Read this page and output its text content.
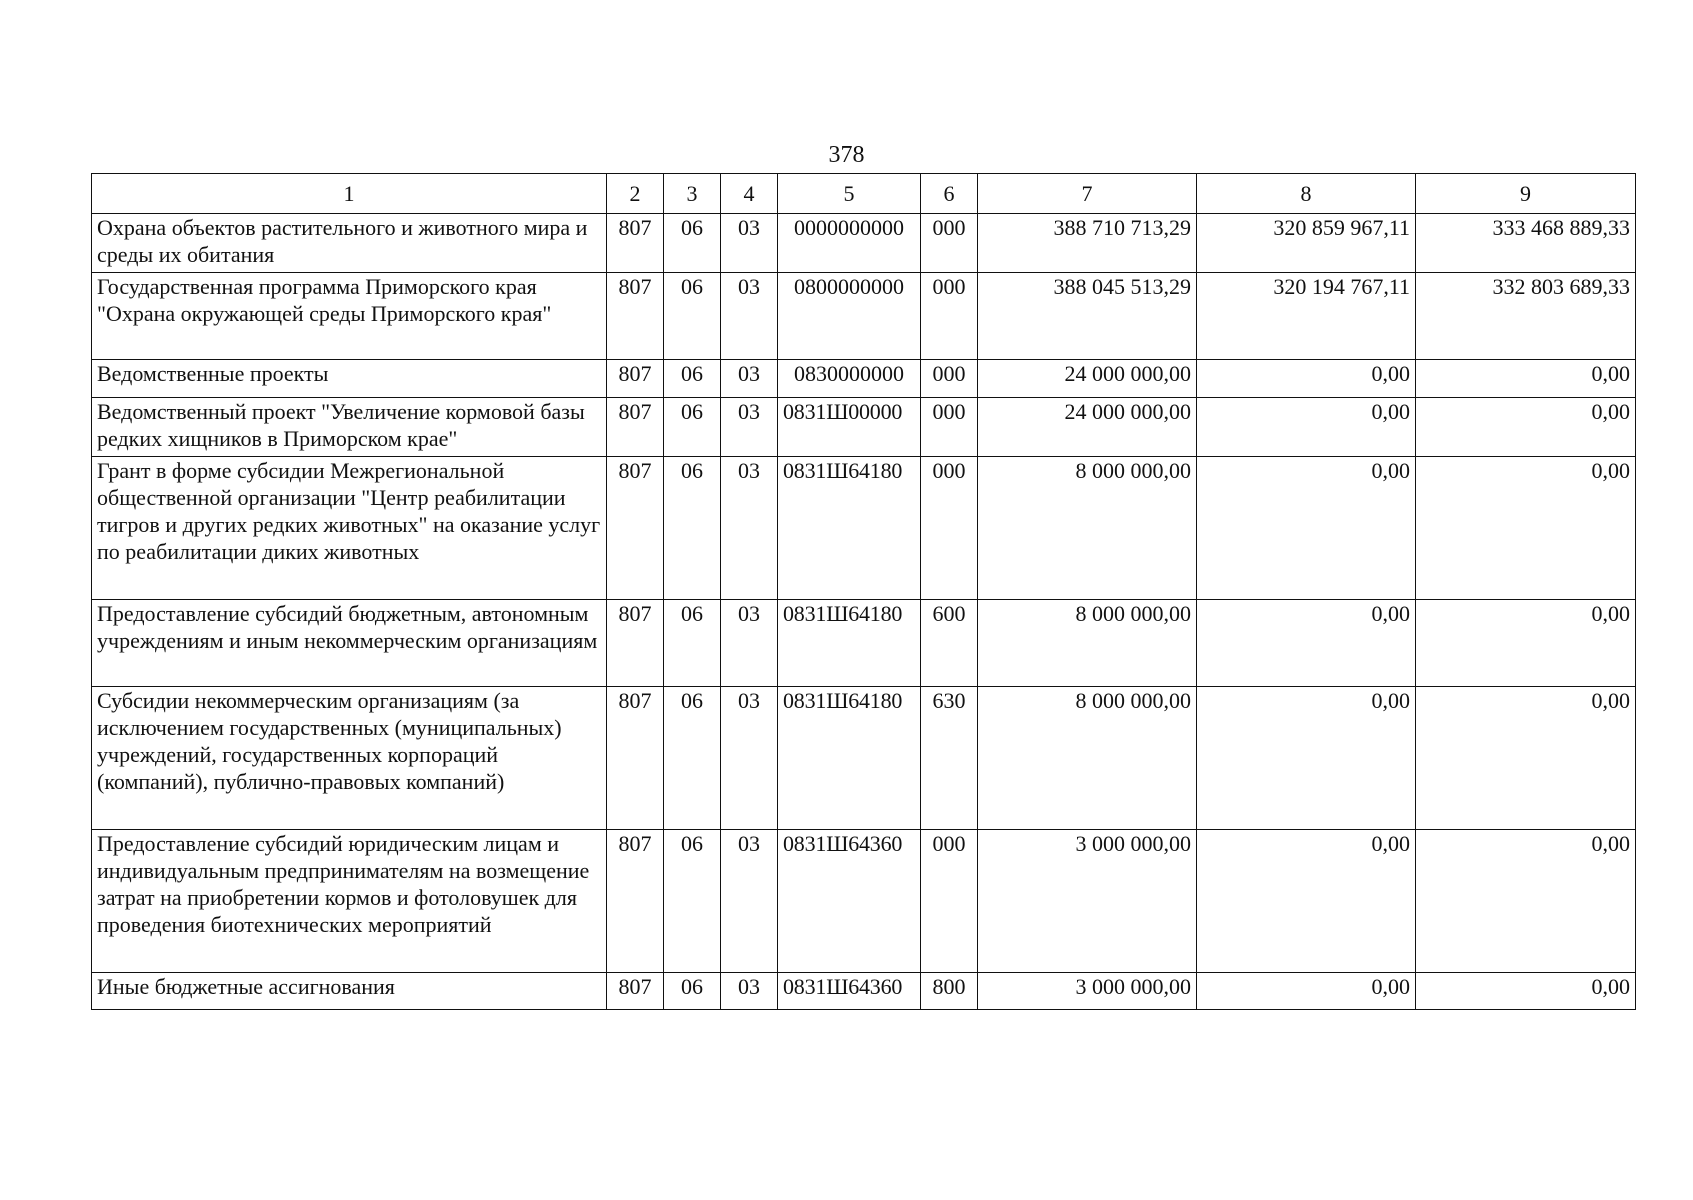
378
1	2	3	4	5	6	7	8	9
Охрана объектов растительного и животного мира и среды их обитания	807	06	03	0000000000	000	388 710 713,29	320 859 967,11	333 468 889,33
Государственная программа Приморского края "Охрана окружающей среды Приморского края"	807	06	03	0800000000	000	388 045 513,29	320 194 767,11	332 803 689,33
Ведомственные проекты	807	06	03	0830000000	000	24 000 000,00	0,00	0,00
Ведомственный проект "Увеличение кормовой базы редких хищников в Приморском крае"	807	06	03	0831Ш00000	000	24 000 000,00	0,00	0,00
Грант в форме субсидии Межрегиональной общественной организации "Центр реабилитации тигров и других редких животных" на оказание услуг по реабилитации диких животных	807	06	03	0831Ш64180	000	8 000 000,00	0,00	0,00
Предоставление субсидий бюджетным, автономным учреждениям и иным некоммерческим организациям	807	06	03	0831Ш64180	600	8 000 000,00	0,00	0,00
Субсидии некоммерческим организациям (за исключением государственных (муниципальных) учреждений, государственных корпораций (компаний), публично-правовых компаний)	807	06	03	0831Ш64180	630	8 000 000,00	0,00	0,00
Предоставление субсидий юридическим лицам и индивидуальным предпринимателям на возмещение затрат на приобретении кормов и фотоловушек для проведения биотехнических мероприятий	807	06	03	0831Ш64360	000	3 000 000,00	0,00	0,00
Иные бюджетные ассигнования	807	06	03	0831Ш64360	800	3 000 000,00	0,00	0,00
